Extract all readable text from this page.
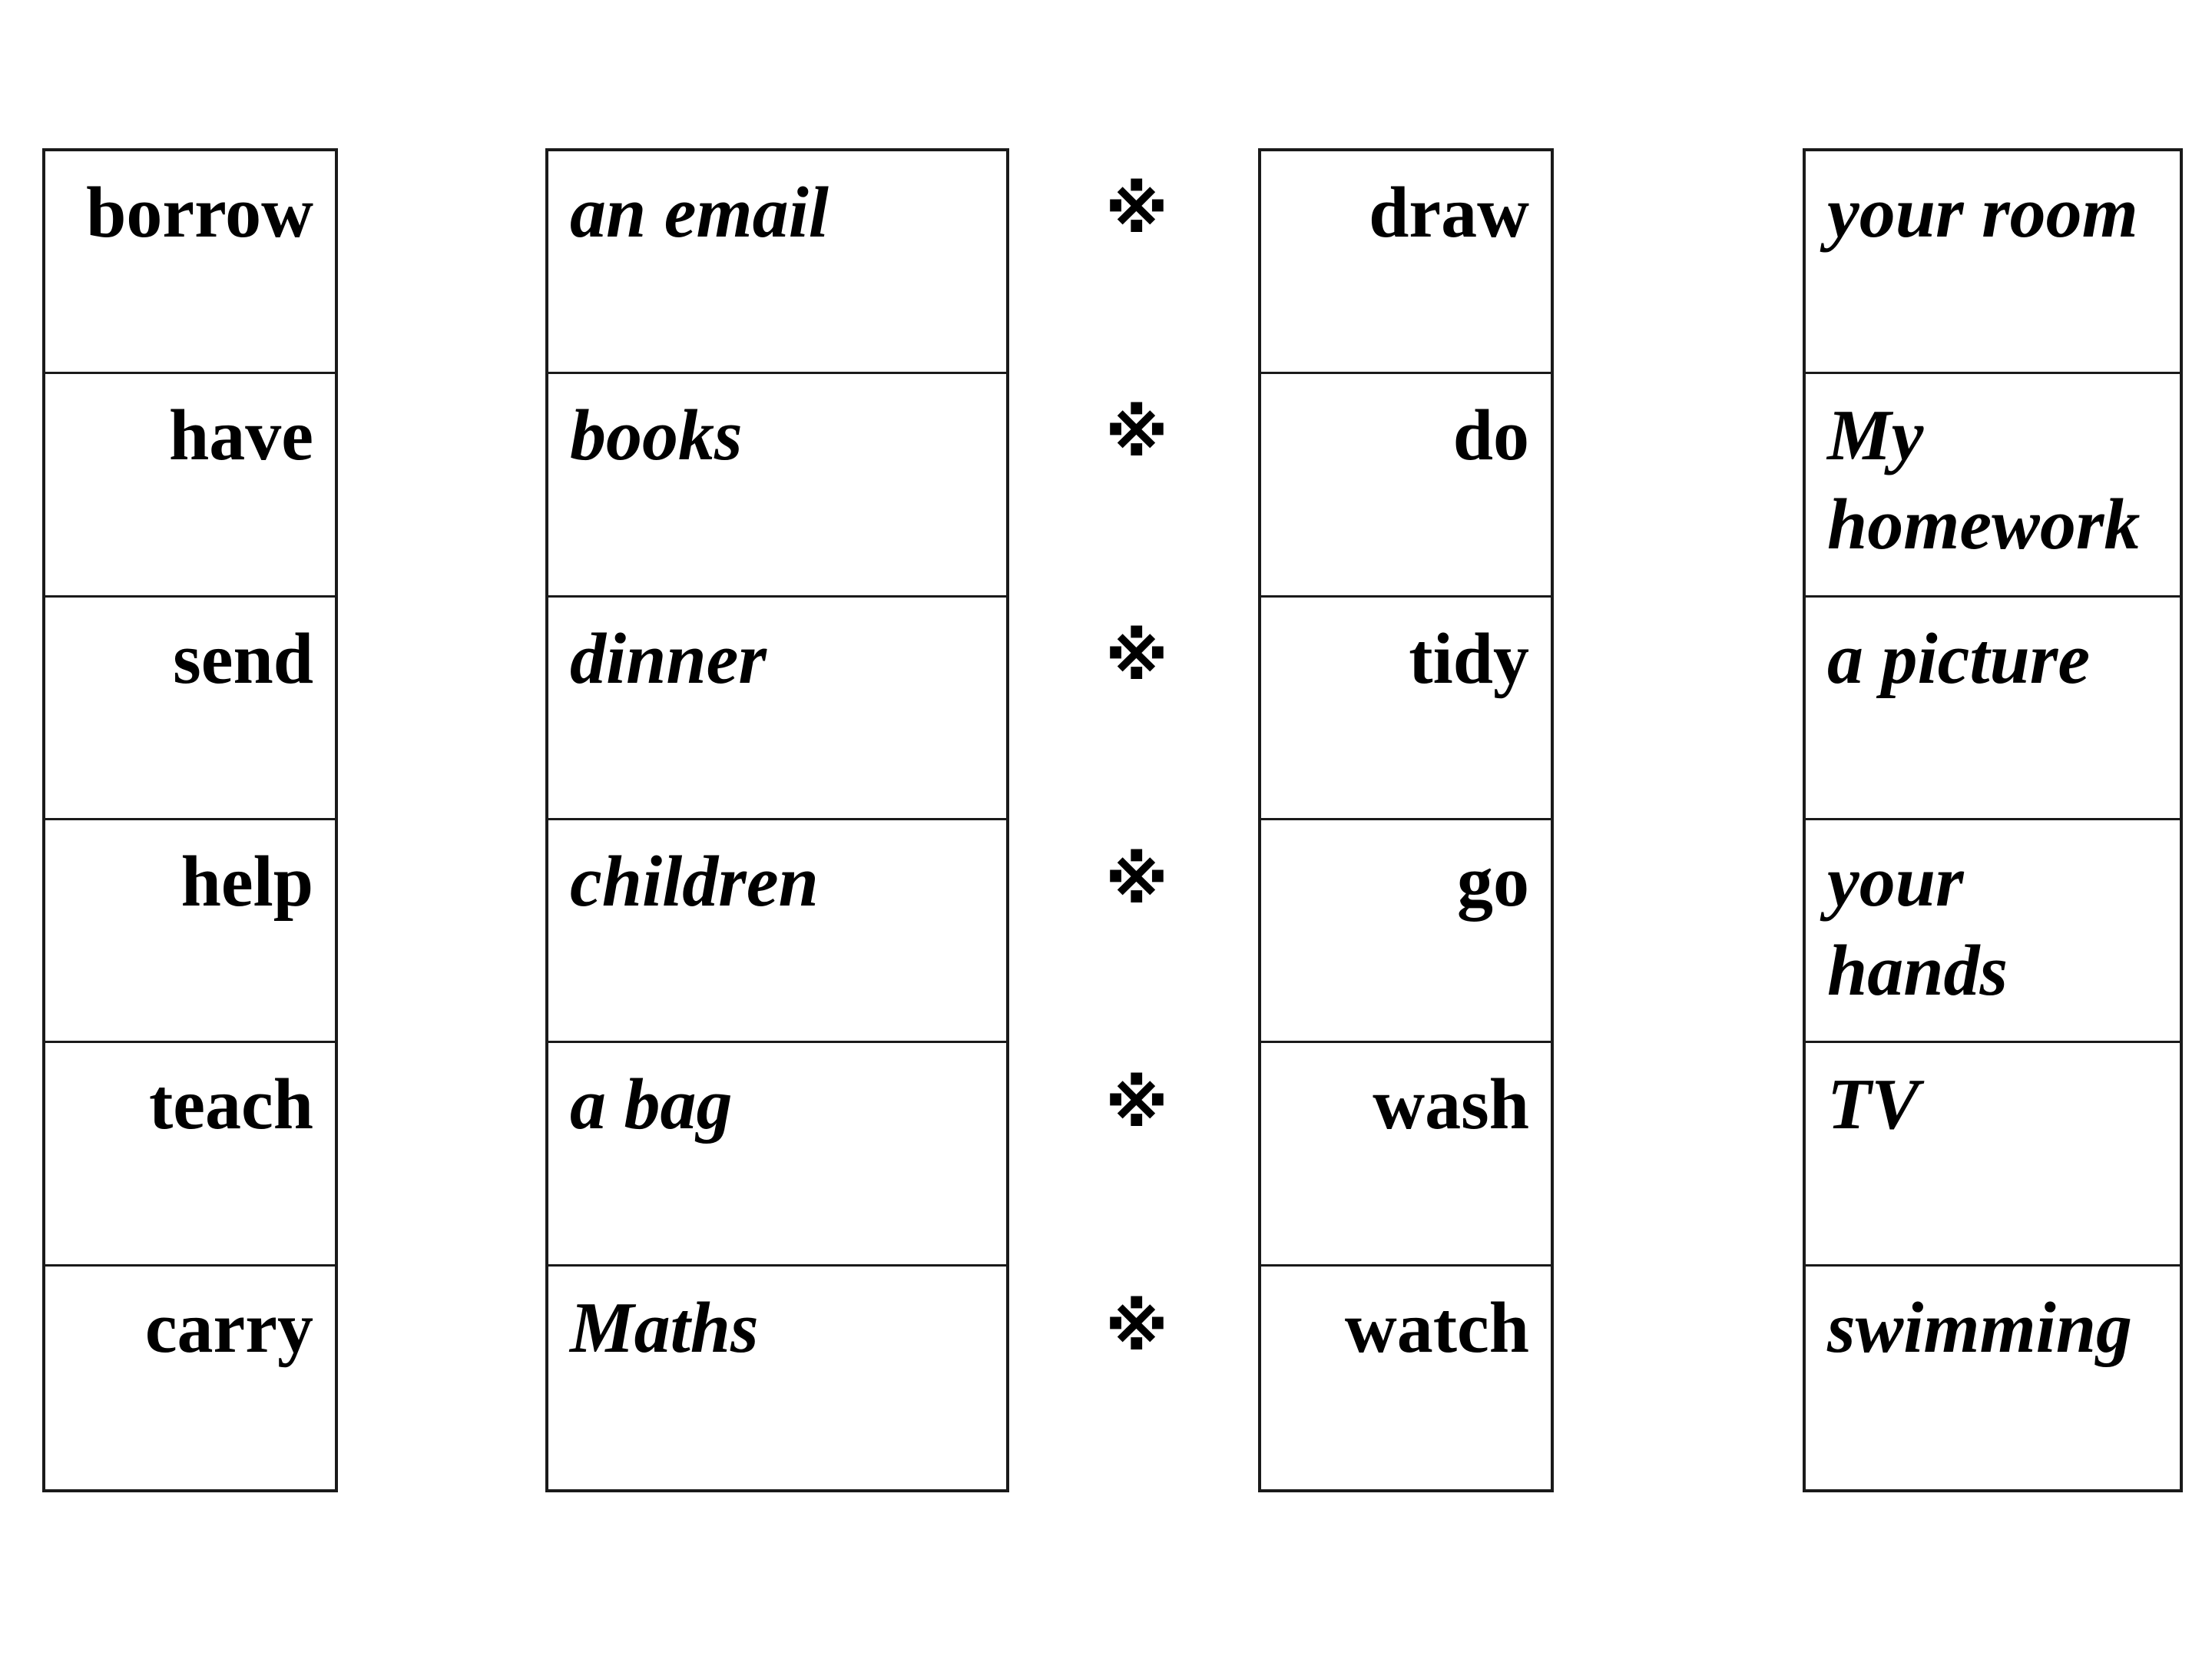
borrow
have
send
help
teach
carry
an email
books
dinner
children
a bag
Maths
※
※
※
※
※
※
draw
do
tidy
go
wash
watch
your room
My
homework
a picture
your
hands
TV
swimming
